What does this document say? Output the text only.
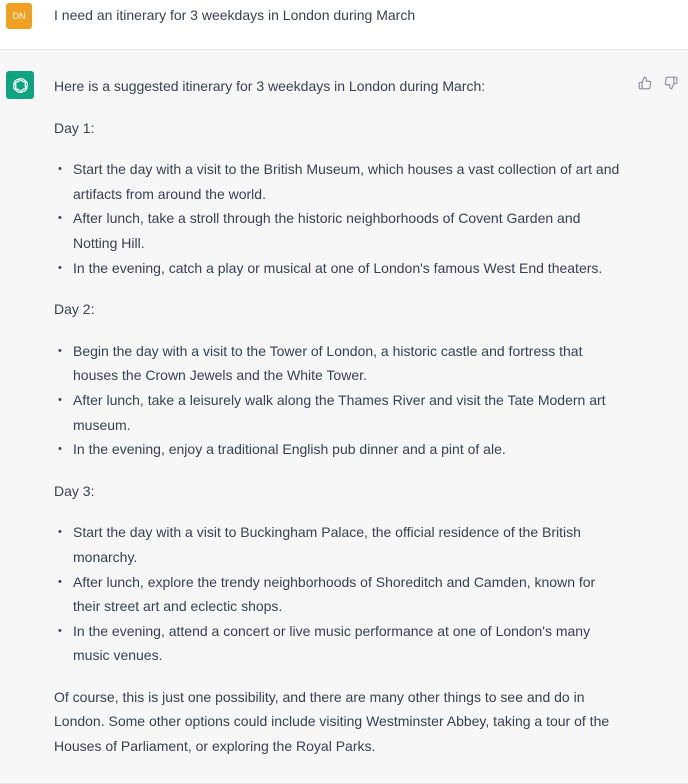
DN	I need an itinerary for 3 weekdays in London during March

Here is a suggested itinerary for 3 weekdays in London during March:

Day 1:

• Start the day with a visit to the British Museum, which houses a vast collection of art and
artifacts from around the world.
• After lunch, take a stroll through the historic neighborhoods of Covent Garden and
Notting Hill.
• In the evening, catch a play or musical at one of London's famous West End theaters.

Day 2:

• Begin the day with a visit to the Tower of London, a historic castle and fortress that
houses the Crown Jewels and the White Tower.
• After lunch, take a leisurely walk along the Thames River and visit the Tate Modern art
museum.
• In the evening, enjoy a traditional English pub dinner and a pint of ale.

Day 3:

• Start the day with a visit to Buckingham Palace, the official residence of the British
monarchy.
• After lunch, explore the trendy neighborhoods of Shoreditch and Camden, known for
their street art and eclectic shops.
• In the evening, attend a concert or live music performance at one of London's many
music venues.

Of course, this is just one possibility, and there are many other things to see and do in

London. Some other options could include visiting Westminster Abbey, taking a tour of the

Houses of Parliament, or exploring the Royal Parks.
